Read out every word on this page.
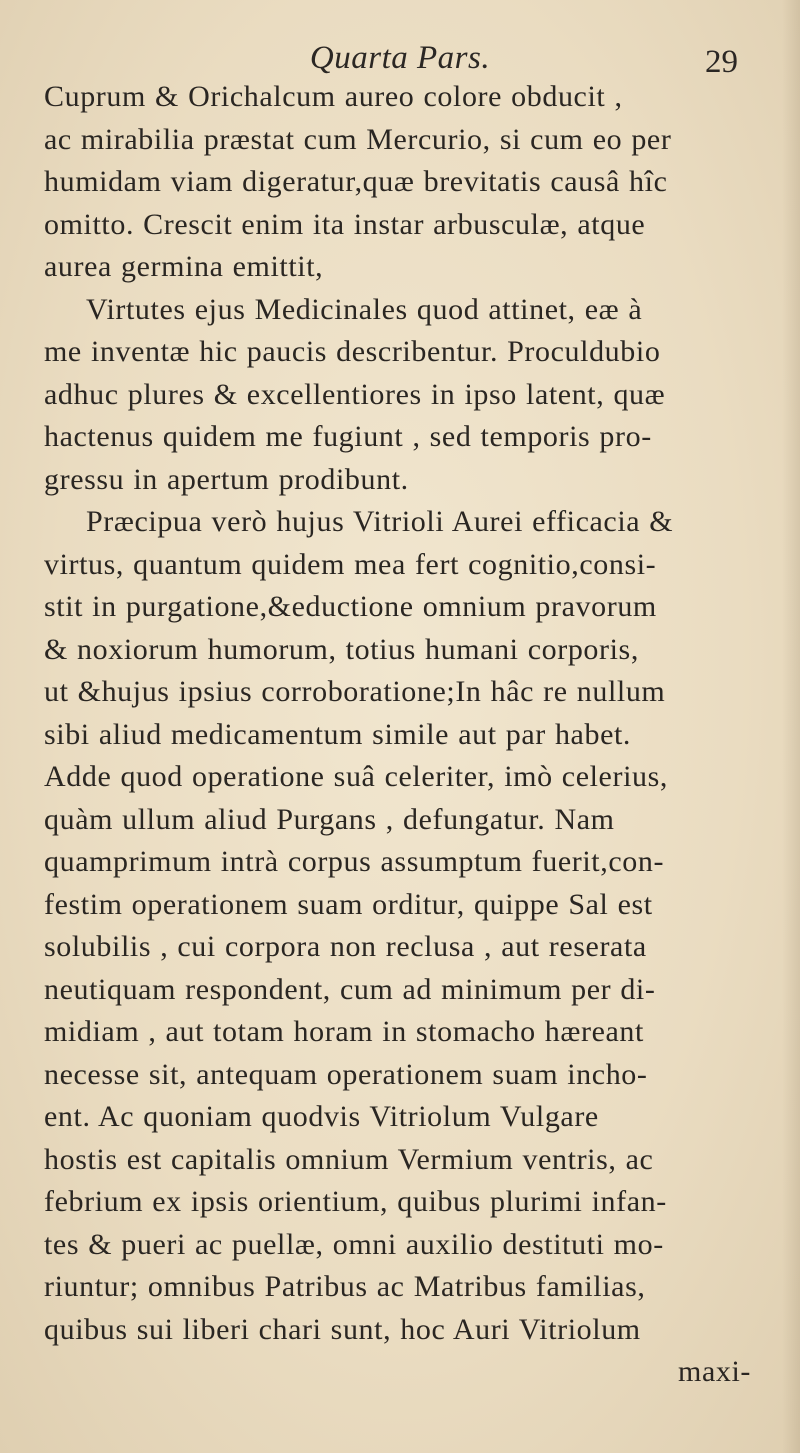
Quarta Pars.	29
Cuprum & Orichalcum aureo colore obducit ,
ac mirabilia præstat cum Mercurio, si cum eo per
humidam viam digeratur,quæ brevitatis causâ hîc
omitto. Crescit enim ita instar arbusculæ, atque
aurea germina emittit,
Virtutes ejus Medicinales quod attinet, eæ à
me inventæ hic paucis describentur. Proculdubio
adhuc plures & excellentiores in ipso latent, quæ
hactenus quidem me fugiunt , sed temporis pro-
gressu in apertum prodibunt.
Præcipua verò hujus Vitrioli Aurei efficacia &
virtus, quantum quidem mea fert cognitio,consi-
stit in purgatione,&eductione omnium pravorum
& noxiorum humorum, totius humani corporis,
ut &hujus ipsius corroboratione;In hâc re nullum
sibi aliud medicamentum simile aut par habet.
Adde quod operatione suâ celeriter, imò celerius,
quàm ullum aliud Purgans , defungatur. Nam
quamprimum intrà corpus assumptum fuerit,con-
festim operationem suam orditur, quippe Sal est
solubilis , cui corpora non reclusa , aut reserata
neutiquam respondent, cum ad minimum per di-
midiam , aut totam horam in stomacho hæreant
necesse sit, antequam operationem suam incho-
ent. Ac quoniam quodvis Vitriolum Vulgare
hostis est capitalis omnium Vermium ventris, ac
febrium ex ipsis orientium, quibus plurimi infan-
tes & pueri ac puellæ, omni auxilio destituti mo-
riuntur; omnibus Patribus ac Matribus familias,
quibus sui liberi chari sunt, hoc Auri Vitriolum
maxi-
